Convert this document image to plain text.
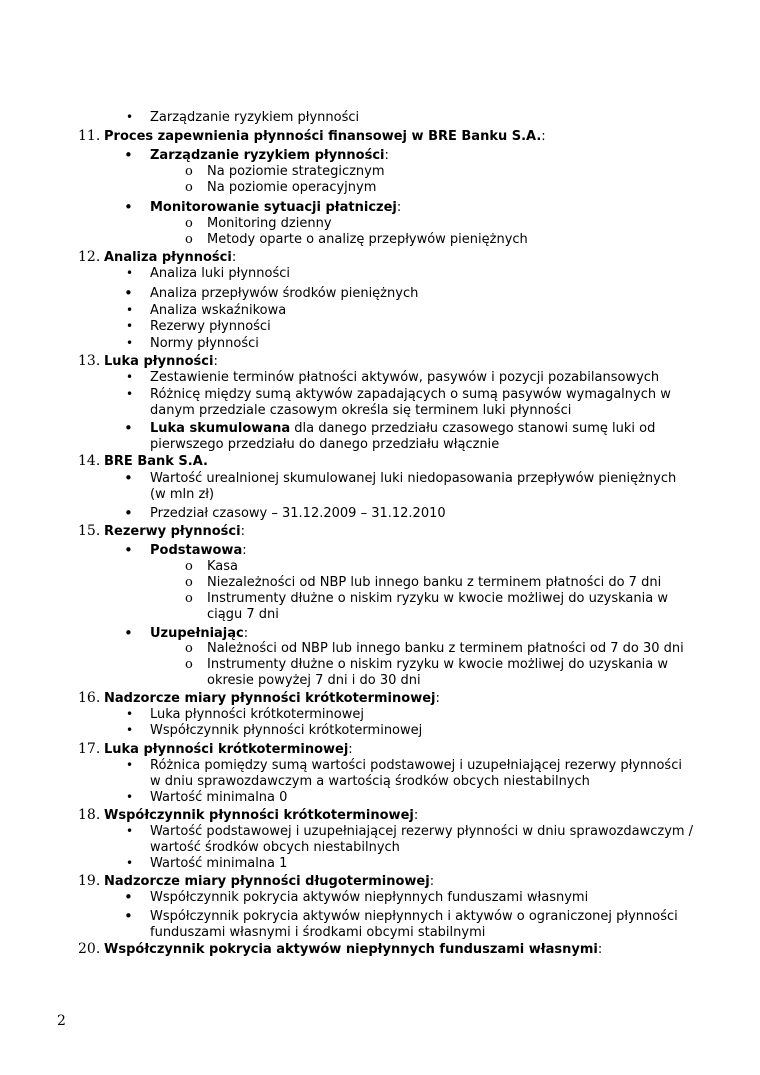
• Zarządzanie ryzykiem płynności
11. Proces zapewnienia płynności finansowej w BRE Banku S.A.:
• Zarządzanie ryzykiem płynności:
o Na poziomie strategicznym
o Na poziomie operacyjnym
• Monitorowanie sytuacji płatniczej:
o Monitoring dzienny
o Metody oparte o analizę przepływów pieniężnych
12. Analiza płynności:
• Analiza luki płynności
• Analiza przepływów środków pieniężnych
• Analiza wskaźnikowa
• Rezerwy płynności
• Normy płynności
13. Luka płynności:
• Zestawienie terminów płatności aktywów, pasywów i pozycji pozabilansowych
• Różnicę między sumą aktywów zapadających o sumą pasywów wymagalnych w danym przedziale czasowym określa się terminem luki płynności
• Luka skumulowana dla danego przedziału czasowego stanowi sumę luki od pierwszego przedziału do danego przedziału włącznie
14. BRE Bank S.A.
• Wartość urealnionej skumulowanej luki niedopasowania przepływów pieniężnych (w mln zł)
• Przedział czasowy – 31.12.2009 – 31.12.2010
15. Rezerwy płynności:
• Podstawowa:
o Kasa
o Niezależności od NBP lub innego banku z terminem płatności do 7 dni
o Instrumenty dłużne o niskim ryzyku w kwocie możliwej do uzyskania w ciągu 7 dni
• Uzupełniając:
o Należności od NBP lub innego banku z terminem płatności od 7 do 30 dni
o Instrumenty dłużne o niskim ryzyku w kwocie możliwej do uzyskania w okresie powyżej 7 dni i do 30 dni
16. Nadzorcze miary płynności krótkoterminowej:
• Luka płynności krótkoterminowej
• Współczynnik płynności krótkoterminowej
17. Luka płynności krótkoterminowej:
• Różnica pomiędzy sumą wartości podstawowej i uzupełniającej rezerwy płynności w dniu sprawozdawczym a wartością środków obcych niestabilnych
• Wartość minimalna 0
18. Współczynnik płynności krótkoterminowej:
• Wartość podstawowej i uzupełniającej rezerwy płynności w dniu sprawozdawczym / wartość środków obcych niestabilnych
• Wartość minimalna 1
19. Nadzorcze miary płynności długoterminowej:
• Współczynnik pokrycia aktywów niepłynnych funduszami własnymi
• Współczynnik pokrycia aktywów niepłynnych i aktywów o ograniczonej płynności funduszami własnymi i środkami obcymi stabilnymi
20. Współczynnik pokrycia aktywów niepłynnych funduszami własnymi:
2
